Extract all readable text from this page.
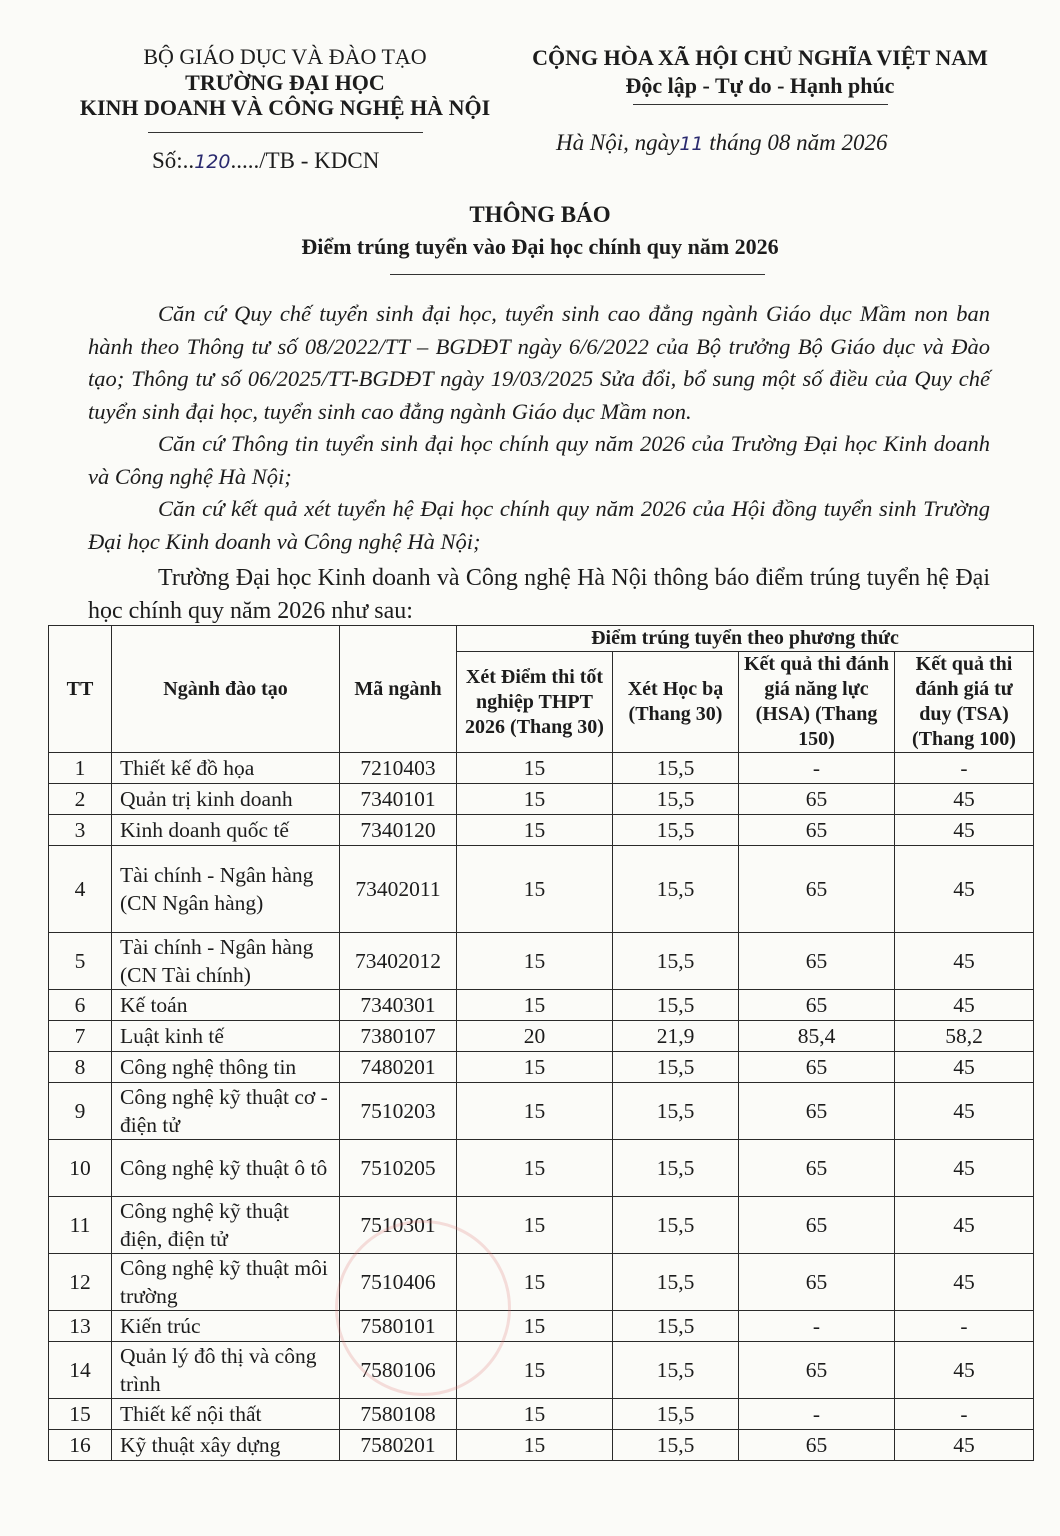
BỘ GIÁO DỤC VÀ ĐÀO TẠO
TRƯỜNG ĐẠI HỌC
KINH DOANH VÀ CÔNG NGHỆ HÀ NỘI
Số:..120...../TB - KDCN
CỘNG HÒA XÃ HỘI CHỦ NGHĨA VIỆT NAM
Độc lập - Tự do - Hạnh phúc
Hà Nội, ngày11 tháng 08 năm 2026
THÔNG BÁO
Điểm trúng tuyển vào Đại học chính quy năm 2026

Căn cứ Quy chế tuyển sinh đại học, tuyển sinh cao đẳng ngành Giáo dục Mầm non ban hành theo Thông tư số 08/2022/TT – BGDĐT ngày 6/6/2022 của Bộ trưởng Bộ Giáo dục và Đào tạo; Thông tư số 06/2025/TT-BGDĐT ngày 19/03/2025 Sửa đổi, bổ sung một số điều của Quy chế tuyển sinh đại học, tuyển sinh cao đẳng ngành Giáo dục Mầm non.

Căn cứ Thông tin tuyển sinh đại học chính quy năm 2026 của Trường Đại học Kinh doanh và Công nghệ Hà Nội;

Căn cứ kết quả xét tuyển hệ Đại học chính quy năm 2026 của Hội đồng tuyển sinh Trường Đại học Kinh doanh và Công nghệ Hà Nội;

Trường Đại học Kinh doanh và Công nghệ Hà Nội thông báo điểm trúng tuyển hệ Đại học chính quy năm 2026 như sau:

TT	Ngành đào tạo	Mã ngành	Điểm trúng tuyển theo phương thức			
			Xét Điểm thi tốt nghiệp THPT 2026 (Thang 30)	Xét Học bạ (Thang 30)	Kết quả thi đánh giá năng lực (HSA) (Thang 150)	Kết quả thi đánh giá tư duy (TSA) (Thang 100)
1	Thiết kế đồ họa	7210403	15	15,5	-	-
2	Quản trị kinh doanh	7340101	15	15,5	65	45
3	Kinh doanh quốc tế	7340120	15	15,5	65	45
4	Tài chính - Ngân hàng (CN Ngân hàng)	73402011	15	15,5	65	45
5	Tài chính - Ngân hàng (CN Tài chính)	73402012	15	15,5	65	45
6	Kế toán	7340301	15	15,5	65	45
7	Luật kinh tế	7380107	20	21,9	85,4	58,2
8	Công nghệ thông tin	7480201	15	15,5	65	45
9	Công nghệ kỹ thuật cơ - điện tử	7510203	15	15,5	65	45
10	Công nghệ kỹ thuật ô tô	7510205	15	15,5	65	45
11	Công nghệ kỹ thuật điện, điện tử	7510301	15	15,5	65	45
12	Công nghệ kỹ thuật môi trường	7510406	15	15,5	65	45
13	Kiến trúc	7580101	15	15,5	-	-
14	Quản lý đô thị và công trình	7580106	15	15,5	65	45
15	Thiết kế nội thất	7580108	15	15,5	-	-
16	Kỹ thuật xây dựng	7580201	15	15,5	65	45
